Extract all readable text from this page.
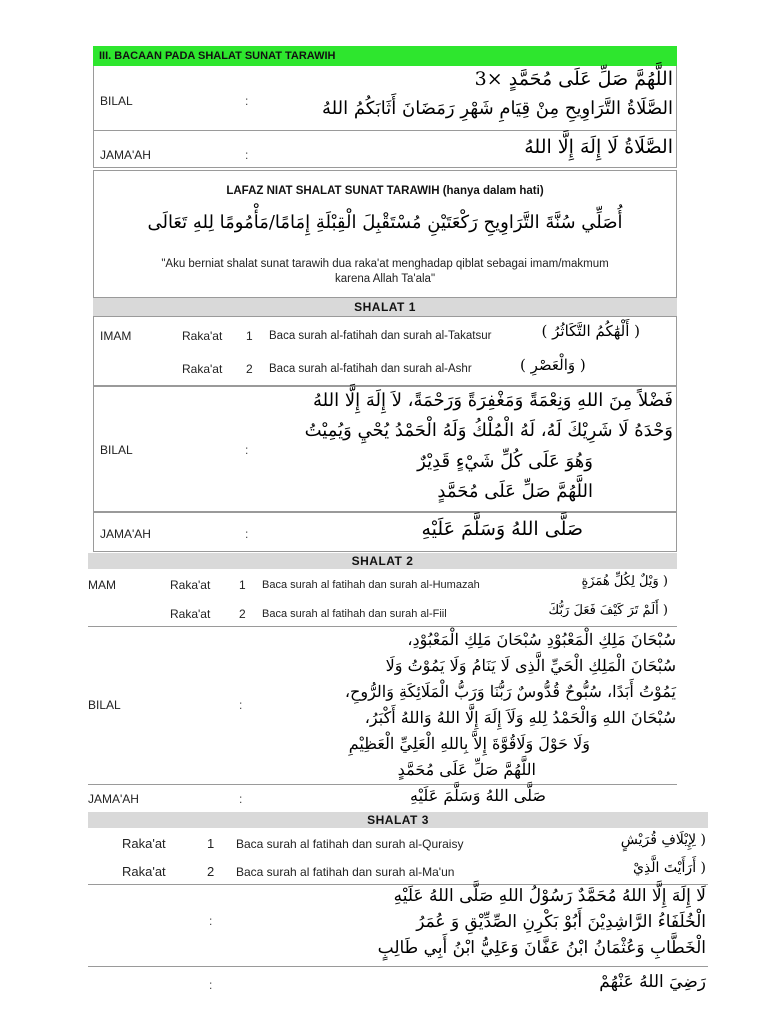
III. BACAAN PADA SHALAT SUNAT TARAWIH
BILAL	:
اللَّهُمَّ صَلِّ عَلَى مُحَمَّدٍ ×3
الصَّلَاةُ التَّرَاوِيحِ مِنْ قِيَامِ شَهْرِ رَمَضَانَ أَثَابَكُمُ اللهُ
JAMA'AH	:	الصَّلَاةُ لَا إِلَهَ إِلَّا اللهُ
LAFAZ NIAT SHALAT SUNAT TARAWIH (hanya dalam hati)
أُصَلِّي سُنَّةَ التَّرَاوِيحِ رَكْعَتَيْنِ مُسْتَقْبِلَ الْقِبْلَةِ إِمَامًا/مَأْمُومًا لِلهِ تَعَالَى
"Aku berniat shalat sunat tarawih dua raka'at menghadap qiblat sebagai imam/makmum
karena Allah Ta'ala"
SHALAT 1
IMAM	Raka'at 1 Baca surah al-fatihah dan surah al-Takatsur	( أَلْهَٰكُمُ التَّكَاثُرُ )
Raka'at 2 Baca surah al-fatihah dan surah al-Ashr	( وَالْعَصْرِ )
BILAL	:
فَضْلاً مِنَ اللهِ وَنِعْمَةً وَمَغْفِرَةً وَرَحْمَةً، لاَ إِلَهَ إِلَّا اللهُ
وَحْدَهُ لَا شَرِيْكَ لَهُ، لَهُ الْمُلْكُ وَلَهُ الْحَمْدُ يُحْيِ وَيُمِيْتُ
وَهُوَ عَلَى كُلِّ شَيْءٍ قَدِيْرٌ
اللَّهُمَّ صَلِّ عَلَى مُحَمَّدٍ
JAMA'AH	:	صَلَّى اللهُ وَسَلَّمَ عَلَيْهِ
SHALAT 2
MAM	Raka'at 1 Baca surah al fatihah dan surah al-Humazah	( وَيْلٌ لِكُلِّ هُمَزَةٍ
Raka'at 2 Baca surah al fatihah dan surah al-Fiil	( أَلَمْ تَرَ كَيْفَ فَعَلَ رَبُّكَ
BILAL	:
سُبْحَانَ مَلِكِ الْمَعْبُوْدِ سُبْحَانَ مَلِكِ الْمَعْبُوْدِ،
سُبْحَانَ الْمَلِكِ الْحَيِّ الَّذِى لَا يَنَامُ وَلَا يَمُوْتُ وَلَا
يَمُوْتُ أَبَدًا، سُبُّوحٌ قُدُّوسٌ رَبُّنَا وَرَبُّ الْمَلَائِكَةِ وَالرُّوحِ،
سُبْحَانَ اللهِ وَالْحَمْدُ لِلهِ وَلَاَ إِلَهَ إِلَّا اللهُ وَاللهُ أَكْبَرُ،
وَلَا حَوْلَ وَلَاقُوَّةَ إِلاَّ بِاللهِ الْعَلِيِّ الْعَظِيْمِ
اللَّهُمَّ صَلِّ عَلَى مُحَمَّدٍ
JAMA'AH	:	صَلَّى اللهُ وَسَلَّمَ عَلَيْهِ
SHALAT 3
Raka'at	1 Baca surah al fatihah dan surah al-Quraisy	( لِإِيْلَافِ قُرَيْشٍ
Raka'at	2 Baca surah al fatihah dan surah al-Ma'un	( أَرَأَيْتَ الَّذِيْ
:
لَا إِلَهَ إِلَّا اللهُ مُحَمَّدٌ رَسُوْلُ اللهِ صَلَّى اللهُ عَلَيْهِ
الْخُلَفَاءُ الرَّاشِدِيْنَ أَبُوْ بَكْرِنِ الصِّدِّيْقِ وَ عُمَرُ
الْخَطَّابِ وَعُثْمَانُ ابْنُ عَفَّانَ وَعَلِيُّ ابْنُ أَبِي طَالِبٍ
:	رَضِيَ اللهُ عَنْهُمْ
